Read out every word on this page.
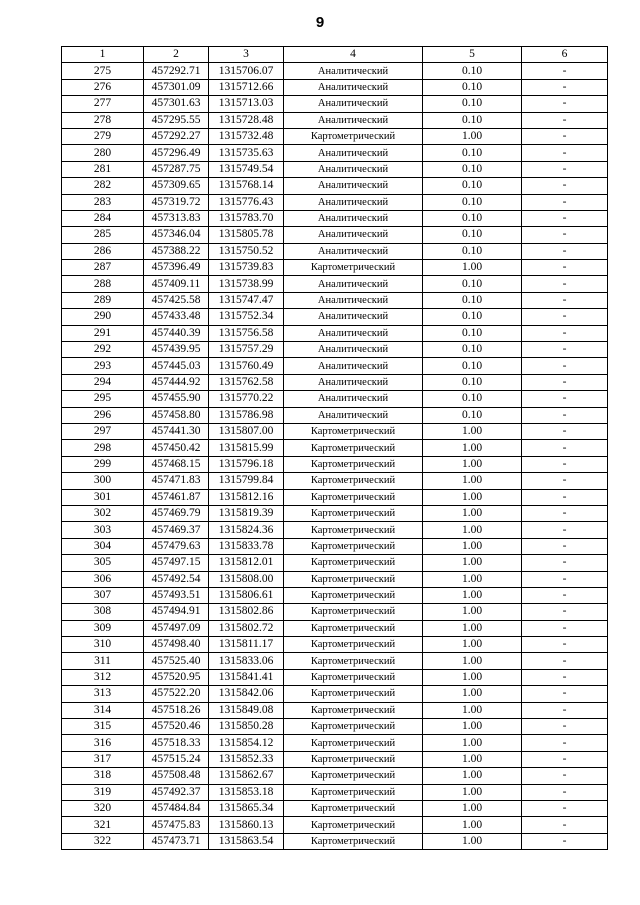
9
1	2	3	4	5	6
275	457292.71	1315706.07	Аналитический	0.10	-
276	457301.09	1315712.66	Аналитический	0.10	-
277	457301.63	1315713.03	Аналитический	0.10	-
278	457295.55	1315728.48	Аналитический	0.10	-
279	457292.27	1315732.48	Картометрический	1.00	-
280	457296.49	1315735.63	Аналитический	0.10	-
281	457287.75	1315749.54	Аналитический	0.10	-
282	457309.65	1315768.14	Аналитический	0.10	-
283	457319.72	1315776.43	Аналитический	0.10	-
284	457313.83	1315783.70	Аналитический	0.10	-
285	457346.04	1315805.78	Аналитический	0.10	-
286	457388.22	1315750.52	Аналитический	0.10	-
287	457396.49	1315739.83	Картометрический	1.00	-
288	457409.11	1315738.99	Аналитический	0.10	-
289	457425.58	1315747.47	Аналитический	0.10	-
290	457433.48	1315752.34	Аналитический	0.10	-
291	457440.39	1315756.58	Аналитический	0.10	-
292	457439.95	1315757.29	Аналитический	0.10	-
293	457445.03	1315760.49	Аналитический	0.10	-
294	457444.92	1315762.58	Аналитический	0.10	-
295	457455.90	1315770.22	Аналитический	0.10	-
296	457458.80	1315786.98	Аналитический	0.10	-
297	457441.30	1315807.00	Картометрический	1.00	-
298	457450.42	1315815.99	Картометрический	1.00	-
299	457468.15	1315796.18	Картометрический	1.00	-
300	457471.83	1315799.84	Картометрический	1.00	-
301	457461.87	1315812.16	Картометрический	1.00	-
302	457469.79	1315819.39	Картометрический	1.00	-
303	457469.37	1315824.36	Картометрический	1.00	-
304	457479.63	1315833.78	Картометрический	1.00	-
305	457497.15	1315812.01	Картометрический	1.00	-
306	457492.54	1315808.00	Картометрический	1.00	-
307	457493.51	1315806.61	Картометрический	1.00	-
308	457494.91	1315802.86	Картометрический	1.00	-
309	457497.09	1315802.72	Картометрический	1.00	-
310	457498.40	1315811.17	Картометрический	1.00	-
311	457525.40	1315833.06	Картометрический	1.00	-
312	457520.95	1315841.41	Картометрический	1.00	-
313	457522.20	1315842.06	Картометрический	1.00	-
314	457518.26	1315849.08	Картометрический	1.00	-
315	457520.46	1315850.28	Картометрический	1.00	-
316	457518.33	1315854.12	Картометрический	1.00	-
317	457515.24	1315852.33	Картометрический	1.00	-
318	457508.48	1315862.67	Картометрический	1.00	-
319	457492.37	1315853.18	Картометрический	1.00	-
320	457484.84	1315865.34	Картометрический	1.00	-
321	457475.83	1315860.13	Картометрический	1.00	-
322	457473.71	1315863.54	Картометрический	1.00	-
